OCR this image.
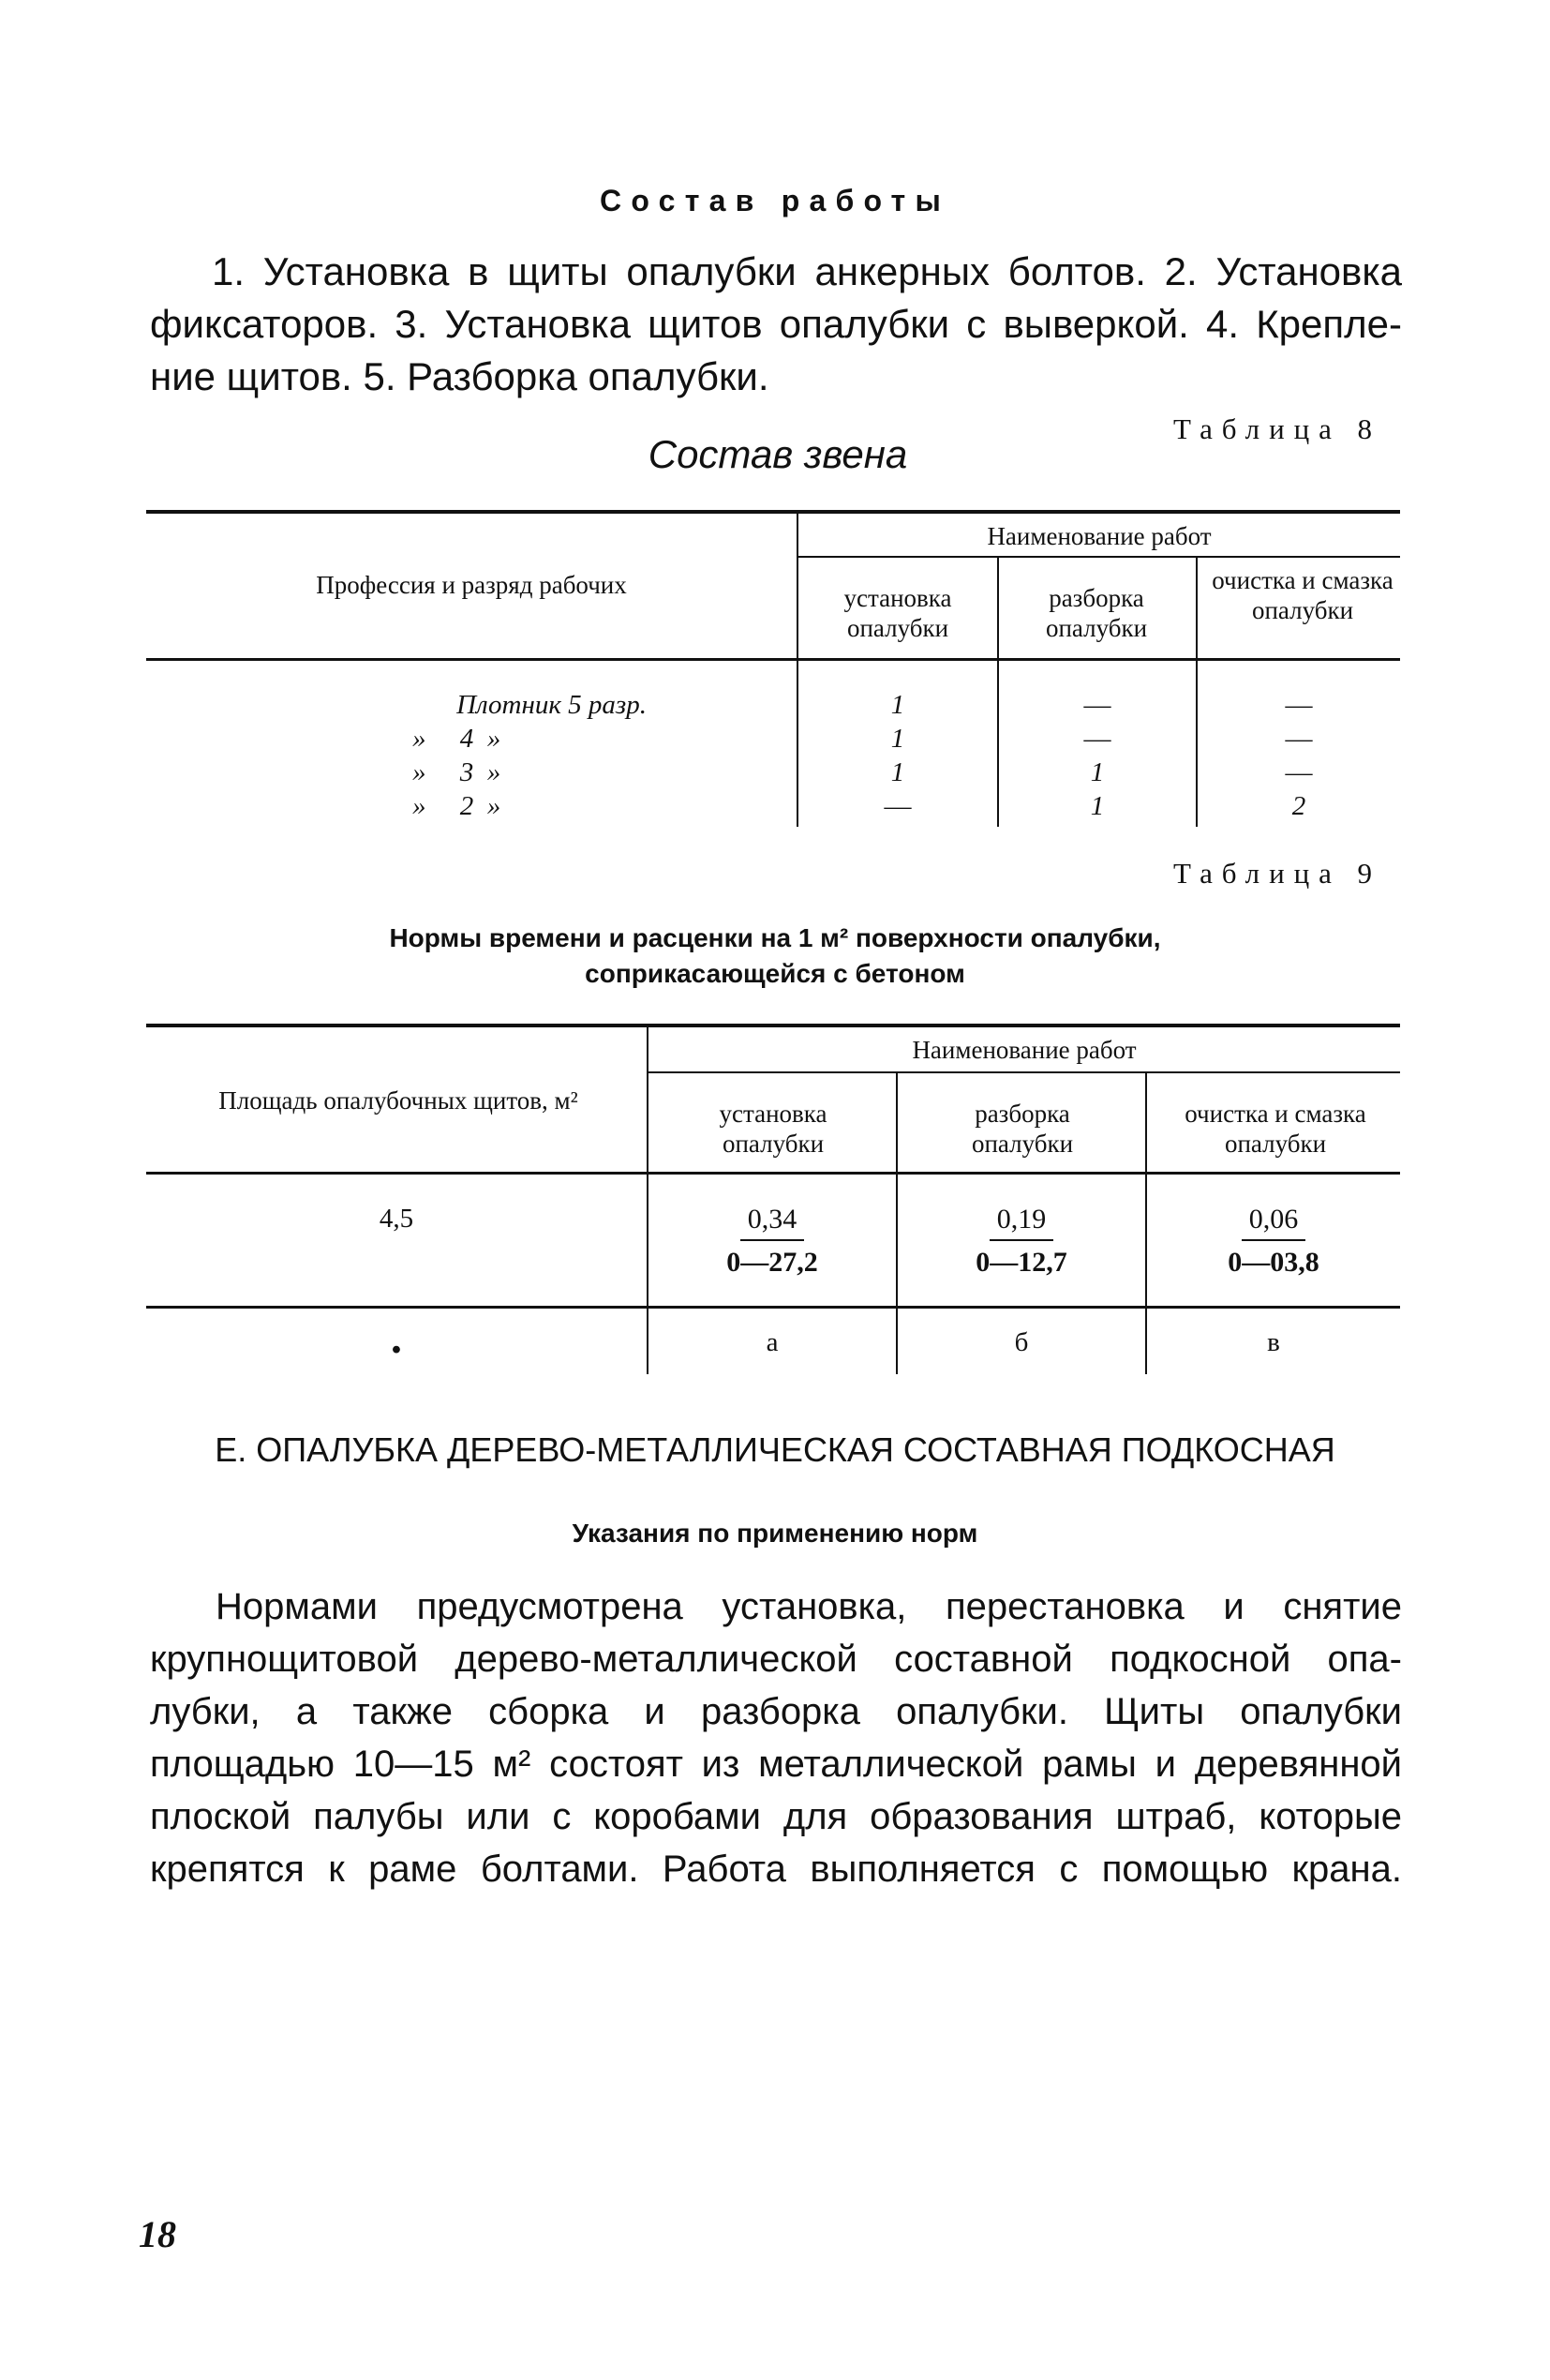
Состав работы
1. Установка в щиты опалубки анкерных болтов. 2. Установка
фиксаторов. 3. Установка щитов опалубки с выверкой. 4. Крепле-
ние щитов. 5. Разборка опалубки.
Таблица 8
Состав звена
Профессия и разряд рабочих
Наименование работ
установка опалубки
разборка опалубки
очистка и смазка опалубки
Плотник 5 разр.	1	—	—
»     4  »	1	—	—
»     3  »	1	1	—
»     2  »	—	1	2
Таблица 9
Нормы времени и расценки на 1 м² поверхности опалубки,
соприкасающейся с бетоном
Площадь опалубочных щитов, м²
Наименование работ
установка опалубки
разборка опалубки
очистка и смазка опалубки
4,5	$\frac{0,34}{0—27,2} \frac{0,19}{0—12,7} \frac{0,06}{0—03,8}$
•	а	б	в
Е. ОПАЛУБКА ДЕРЕВО-МЕТАЛЛИЧЕСКАЯ СОСТАВНАЯ ПОДКОСНАЯ
Указания по применению норм
Нормами предусмотрена установка, перестановка и снятие
крупнощитовой дерево-металлической составной подкосной опа-
лубки, а также сборка и разборка опалубки. Щиты опалубки
площадью 10—15 м² состоят из металлической рамы и деревянной
плоской палубы или с коробами для образования штраб, которые
крепятся к раме болтами. Работа выполняется с помощью крана.
18
